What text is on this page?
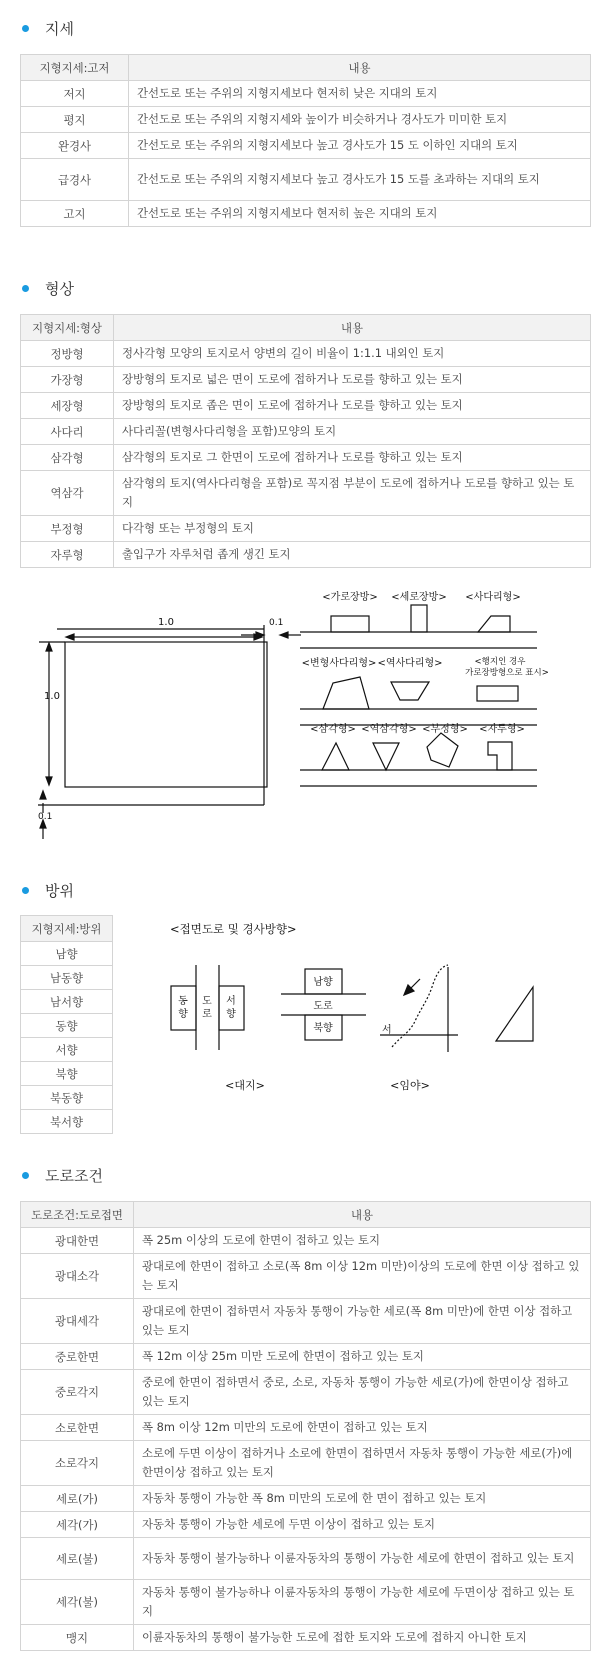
지세
지형지세:고저	내용
저지	간선도로 또는 주위의 지형지세보다 현저히 낮은 지대의 토지
평지	간선도로 또는 주위의 지형지세와 높이가 비슷하거나 경사도가 미미한 토지
완경사	간선도로 또는 주위의 지형지세보다 높고 경사도가 15 도 이하인 지대의 토지
급경사	간선도로 또는 주위의 지형지세보다 높고 경사도가 15 도를 초과하는 지대의 토지
고지	간선도로 또는 주위의 지형지세보다 현저히 높은 지대의 토지
형상
지형지세:형상	내용
정방형	정사각형 모양의 토지로서 양변의 길이 비율이 1:1.1 내외인 토지
가장형	장방형의 토지로 넓은 면이 도로에 접하거나 도로를 향하고 있는 토지
세장형	장방형의 토지로 좁은 면이 도로에 접하거나 도로를 향하고 있는 토지
사다리	사다리꼴(변형사다리형을 포함)모양의 토지
삼각형	삼각형의 토지로 그 한면이 도로에 접하거나 도로를 향하고 있는 토지
역삼각	삼각형의 토지(역사다리형을 포함)로 꼭지점 부분이 도로에 접하거나 도로를 향하고 있는 토지
부정형	다각형 또는 부정형의 토지
자루형	출입구가 자루처럼 좁게 생긴 토지
1.0
1.0
0.1
0.1
<가로장방> <세로장방> <사다리형>
<변형사다리형> <역사다리형>	<행지인 경우
가로장방형으로 표시>
<삼각형> <역삼각형> <부정형> <자루형>
방위
지형지세:방위
남향
남동향
남서향
동향
서향
북향
북동향
북서향
<접면도로 및 경사방향>
동
향
도
로
서
향
남향
도로
북향	서
<대지>	<임야>
도로조건
도로조건:도로접면	내용
광대한면	폭 25m 이상의 도로에 한면이 접하고 있는 토지
광대소각	광대로에 한면이 접하고 소로(폭 8m 이상 12m 미만)이상의 도로에 한면 이상 접하고 있는 토지
광대세각	광대로에 한면이 접하면서 자동차 통행이 가능한 세로(폭 8m 미만)에 한면 이상 접하고 있는 토지
중로한면	폭 12m 이상 25m 미만 도로에 한면이 접하고 있는 토지
중로각지	중로에 한면이 접하면서 중로, 소로, 자동차 통행이 가능한 세로(가)에 한면이상 접하고 있는 토지
소로한면	폭 8m 이상 12m 미만의 도로에 한면이 접하고 있는 토지
소로각지	소로에 두면 이상이 접하거나 소로에 한면이 접하면서 자동차 통행이 가능한 세로(가)에 한면이상 접하고 있는 토지
세로(가)	자동차 통행이 가능한 폭 8m 미만의 도로에 한 면이 접하고 있는 토지
세각(가)	자동차 통행이 가능한 세로에 두면 이상이 접하고 있는 토지
세로(불)	자동차 통행이 불가능하나 이륜자동차의 통행이 가능한 세로에 한면이 접하고 있는 토지
세각(불)	자동차 통행이 불가능하나 이륜자동차의 통행이 가능한 세로에 두면이상 접하고 있는 토지
맹지	이륜자동차의 통행이 불가능한 도로에 접한 토지와 도로에 접하지 아니한 토지
